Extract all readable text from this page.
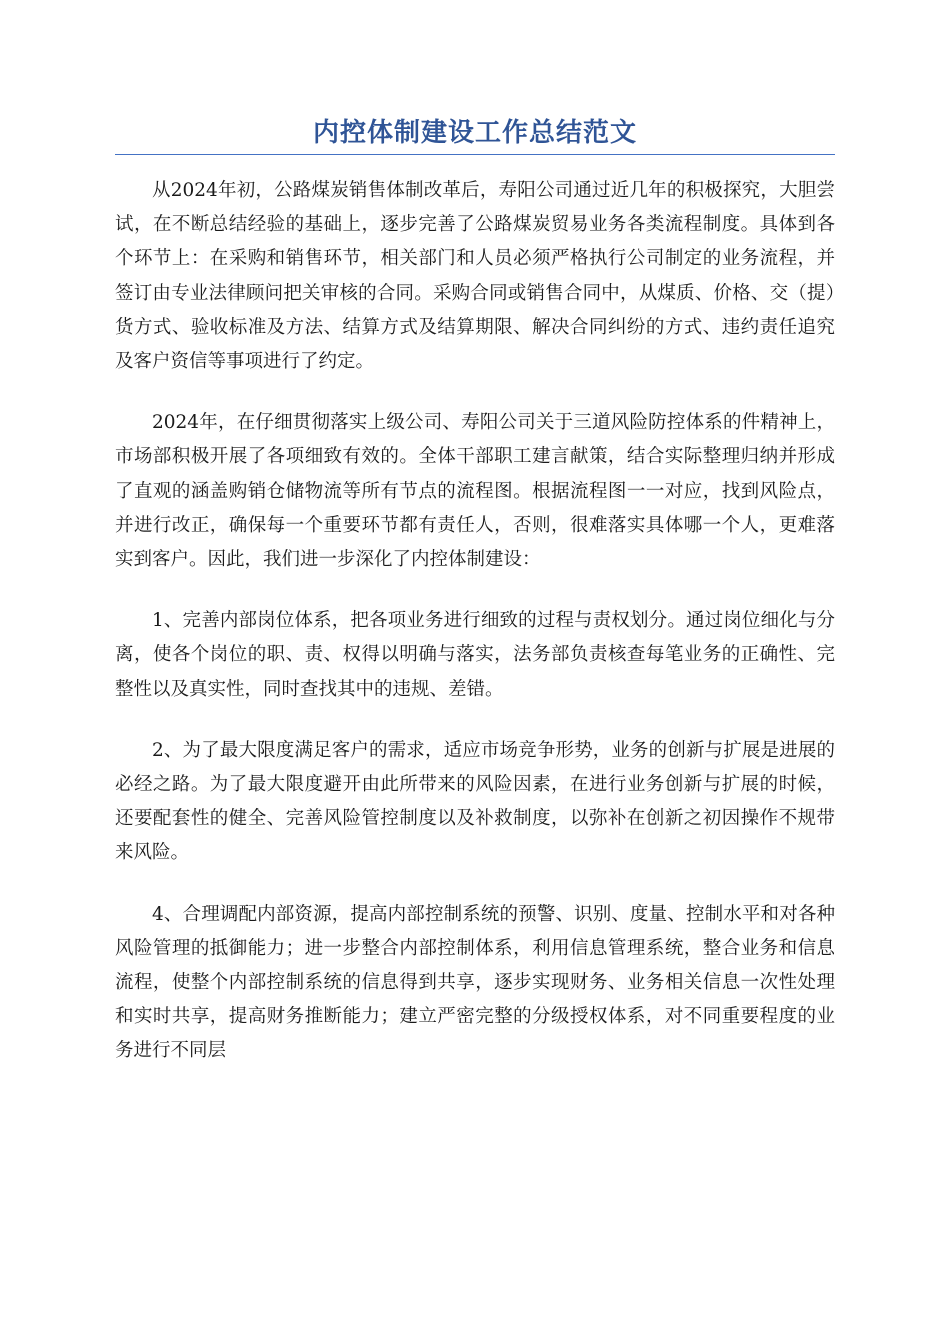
内控体制建设工作总结范文

从2024年初，公路煤炭销售体制改革后，寿阳公司通过近几年的积极探究，大胆尝试，在不断总结经验的基础上，逐步完善了公路煤炭贸易业务各类流程制度。具体到各个环节上：在采购和销售环节，相关部门和人员必须严格执行公司制定的业务流程，并签订由专业法律顾问把关审核的合同。采购合同或销售合同中，从煤质、价格、交（提）货方式、验收标准及方法、结算方式及结算期限、解决合同纠纷的方式、违约责任追究及客户资信等事项进行了约定。

2024年，在仔细贯彻落实上级公司、寿阳公司关于三道风险防控体系的件精神上，市场部积极开展了各项细致有效的。全体干部职工建言献策，结合实际整理归纳并形成了直观的涵盖购销仓储物流等所有节点的流程图。根据流程图一一对应，找到风险点，并进行改正，确保每一个重要环节都有责任人，否则，很难落实具体哪一个人，更难落实到客户。因此，我们进一步深化了内控体制建设：

1、完善内部岗位体系，把各项业务进行细致的过程与责权划分。通过岗位细化与分离，使各个岗位的职、责、权得以明确与落实，法务部负责核查每笔业务的正确性、完整性以及真实性，同时查找其中的违规、差错。

2、为了最大限度满足客户的需求，适应市场竞争形势，业务的创新与扩展是进展的必经之路。为了最大限度避开由此所带来的风险因素，在进行业务创新与扩展的时候，还要配套性的健全、完善风险管控制度以及补救制度，以弥补在创新之初因操作不规带来风险。

4、合理调配内部资源，提高内部控制系统的预警、识别、度量、控制水平和对各种风险管理的抵御能力；进一步整合内部控制体系，利用信息管理系统，整合业务和信息流程，使整个内部控制系统的信息得到共享，逐步实现财务、业务相关信息一次性处理和实时共享，提高财务推断能力；建立严密完整的分级授权体系，对不同重要程度的业务进行不同层
